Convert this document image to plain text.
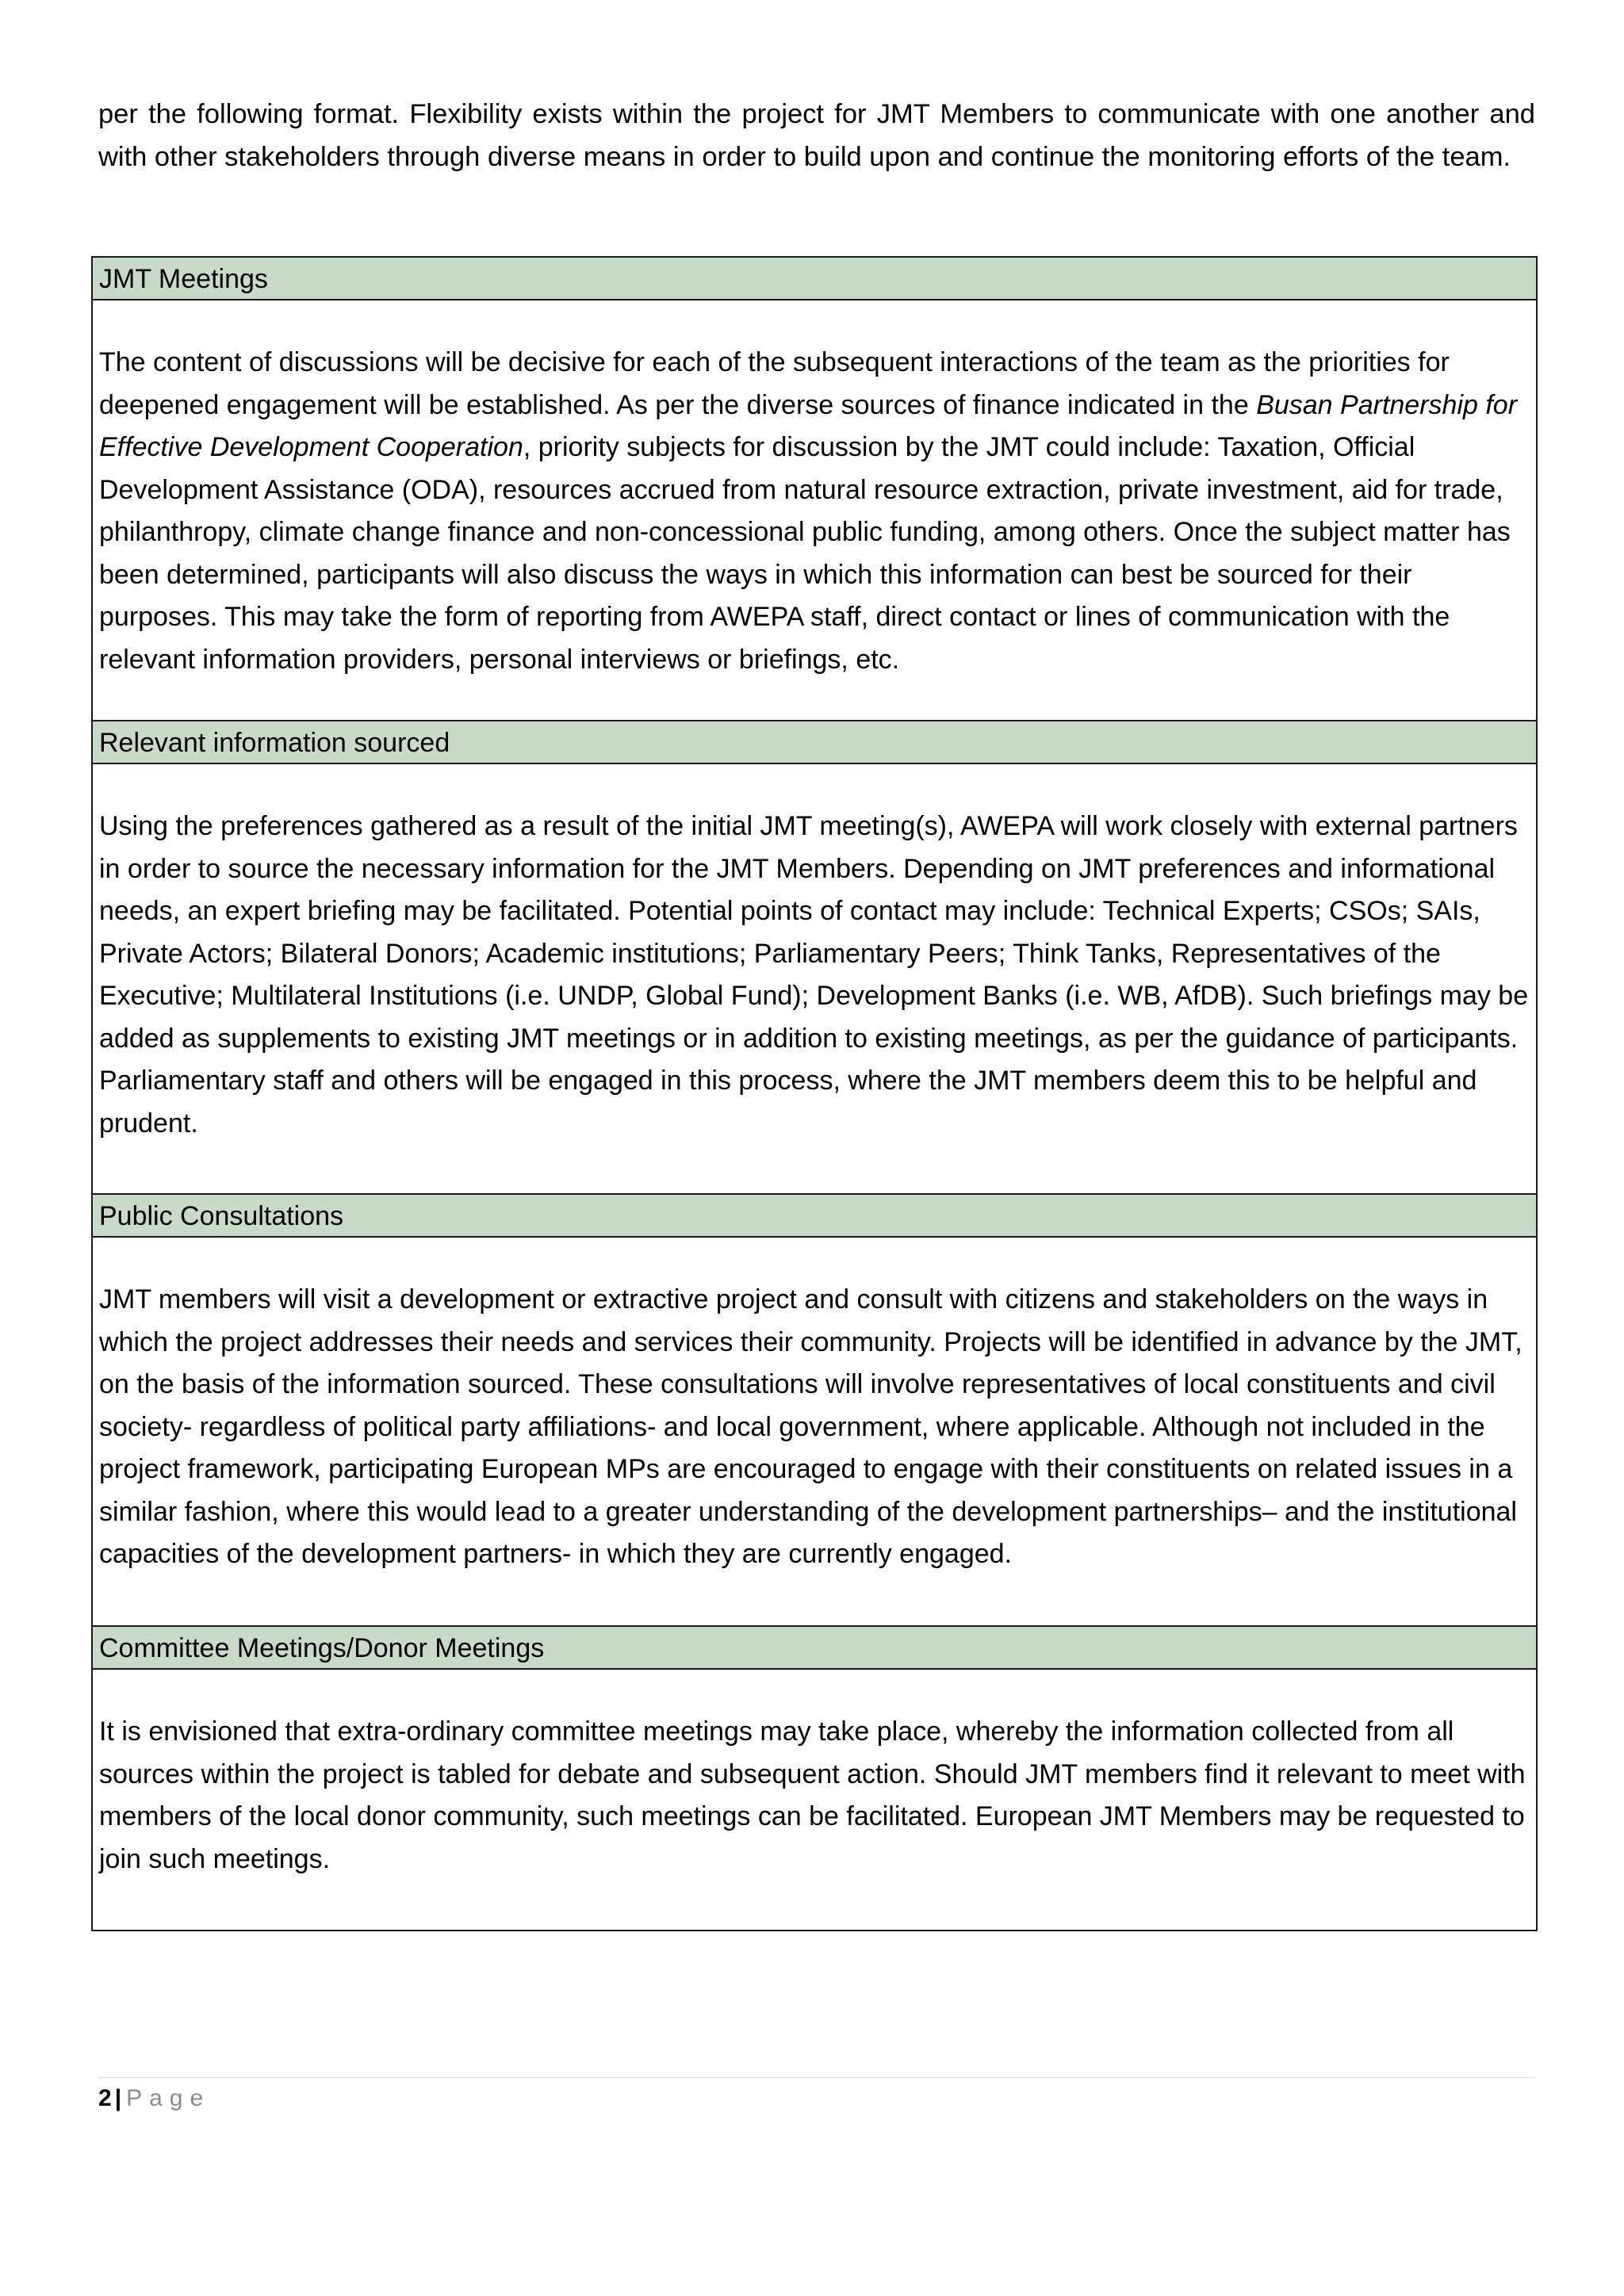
per the following format. Flexibility exists within the project for JMT Members to communicate with one another and with other stakeholders through diverse means in order to build upon and continue the monitoring efforts of the team.

JMT Meetings

The content of discussions will be decisive for each of the subsequent interactions of the team as the priorities for deepened engagement will be established. As per the diverse sources of finance indicated in the Busan Partnership for Effective Development Cooperation, priority subjects for discussion by the JMT could include: Taxation, Official Development Assistance (ODA), resources accrued from natural resource extraction, private investment, aid for trade, philanthropy, climate change finance and non-concessional public funding, among others. Once the subject matter has been determined, participants will also discuss the ways in which this information can best be sourced for their purposes. This may take the form of reporting from AWEPA staff, direct contact or lines of communication with the relevant information providers, personal interviews or briefings, etc.

Relevant information sourced

Using the preferences gathered as a result of the initial JMT meeting(s), AWEPA will work closely with external partners in order to source the necessary information for the JMT Members. Depending on JMT preferences and informational needs, an expert briefing may be facilitated. Potential points of contact may include: Technical Experts; CSOs; SAIs, Private Actors; Bilateral Donors; Academic institutions; Parliamentary Peers; Think Tanks, Representatives of the Executive; Multilateral Institutions (i.e. UNDP, Global Fund); Development Banks (i.e. WB, AfDB). Such briefings may be added as supplements to existing JMT meetings or in addition to existing meetings, as per the guidance of participants. Parliamentary staff and others will be engaged in this process, where the JMT members deem this to be helpful and prudent.

Public Consultations

JMT members will visit a development or extractive project and consult with citizens and stakeholders on the ways in which the project addresses their needs and services their community. Projects will be identified in advance by the JMT, on the basis of the information sourced. These consultations will involve representatives of local constituents and civil society- regardless of political party affiliations- and local government, where applicable. Although not included in the project framework, participating European MPs are encouraged to engage with their constituents on related issues in a similar fashion, where this would lead to a greater understanding of the development partnerships– and the institutional capacities of the development partners- in which they are currently engaged.

Committee Meetings/Donor Meetings

It is envisioned that extra-ordinary committee meetings may take place, whereby the information collected from all sources within the project is tabled for debate and subsequent action. Should JMT members find it relevant to meet with members of the local donor community, such meetings can be facilitated. European JMT Members may be requested to join such meetings.

2 | Page
